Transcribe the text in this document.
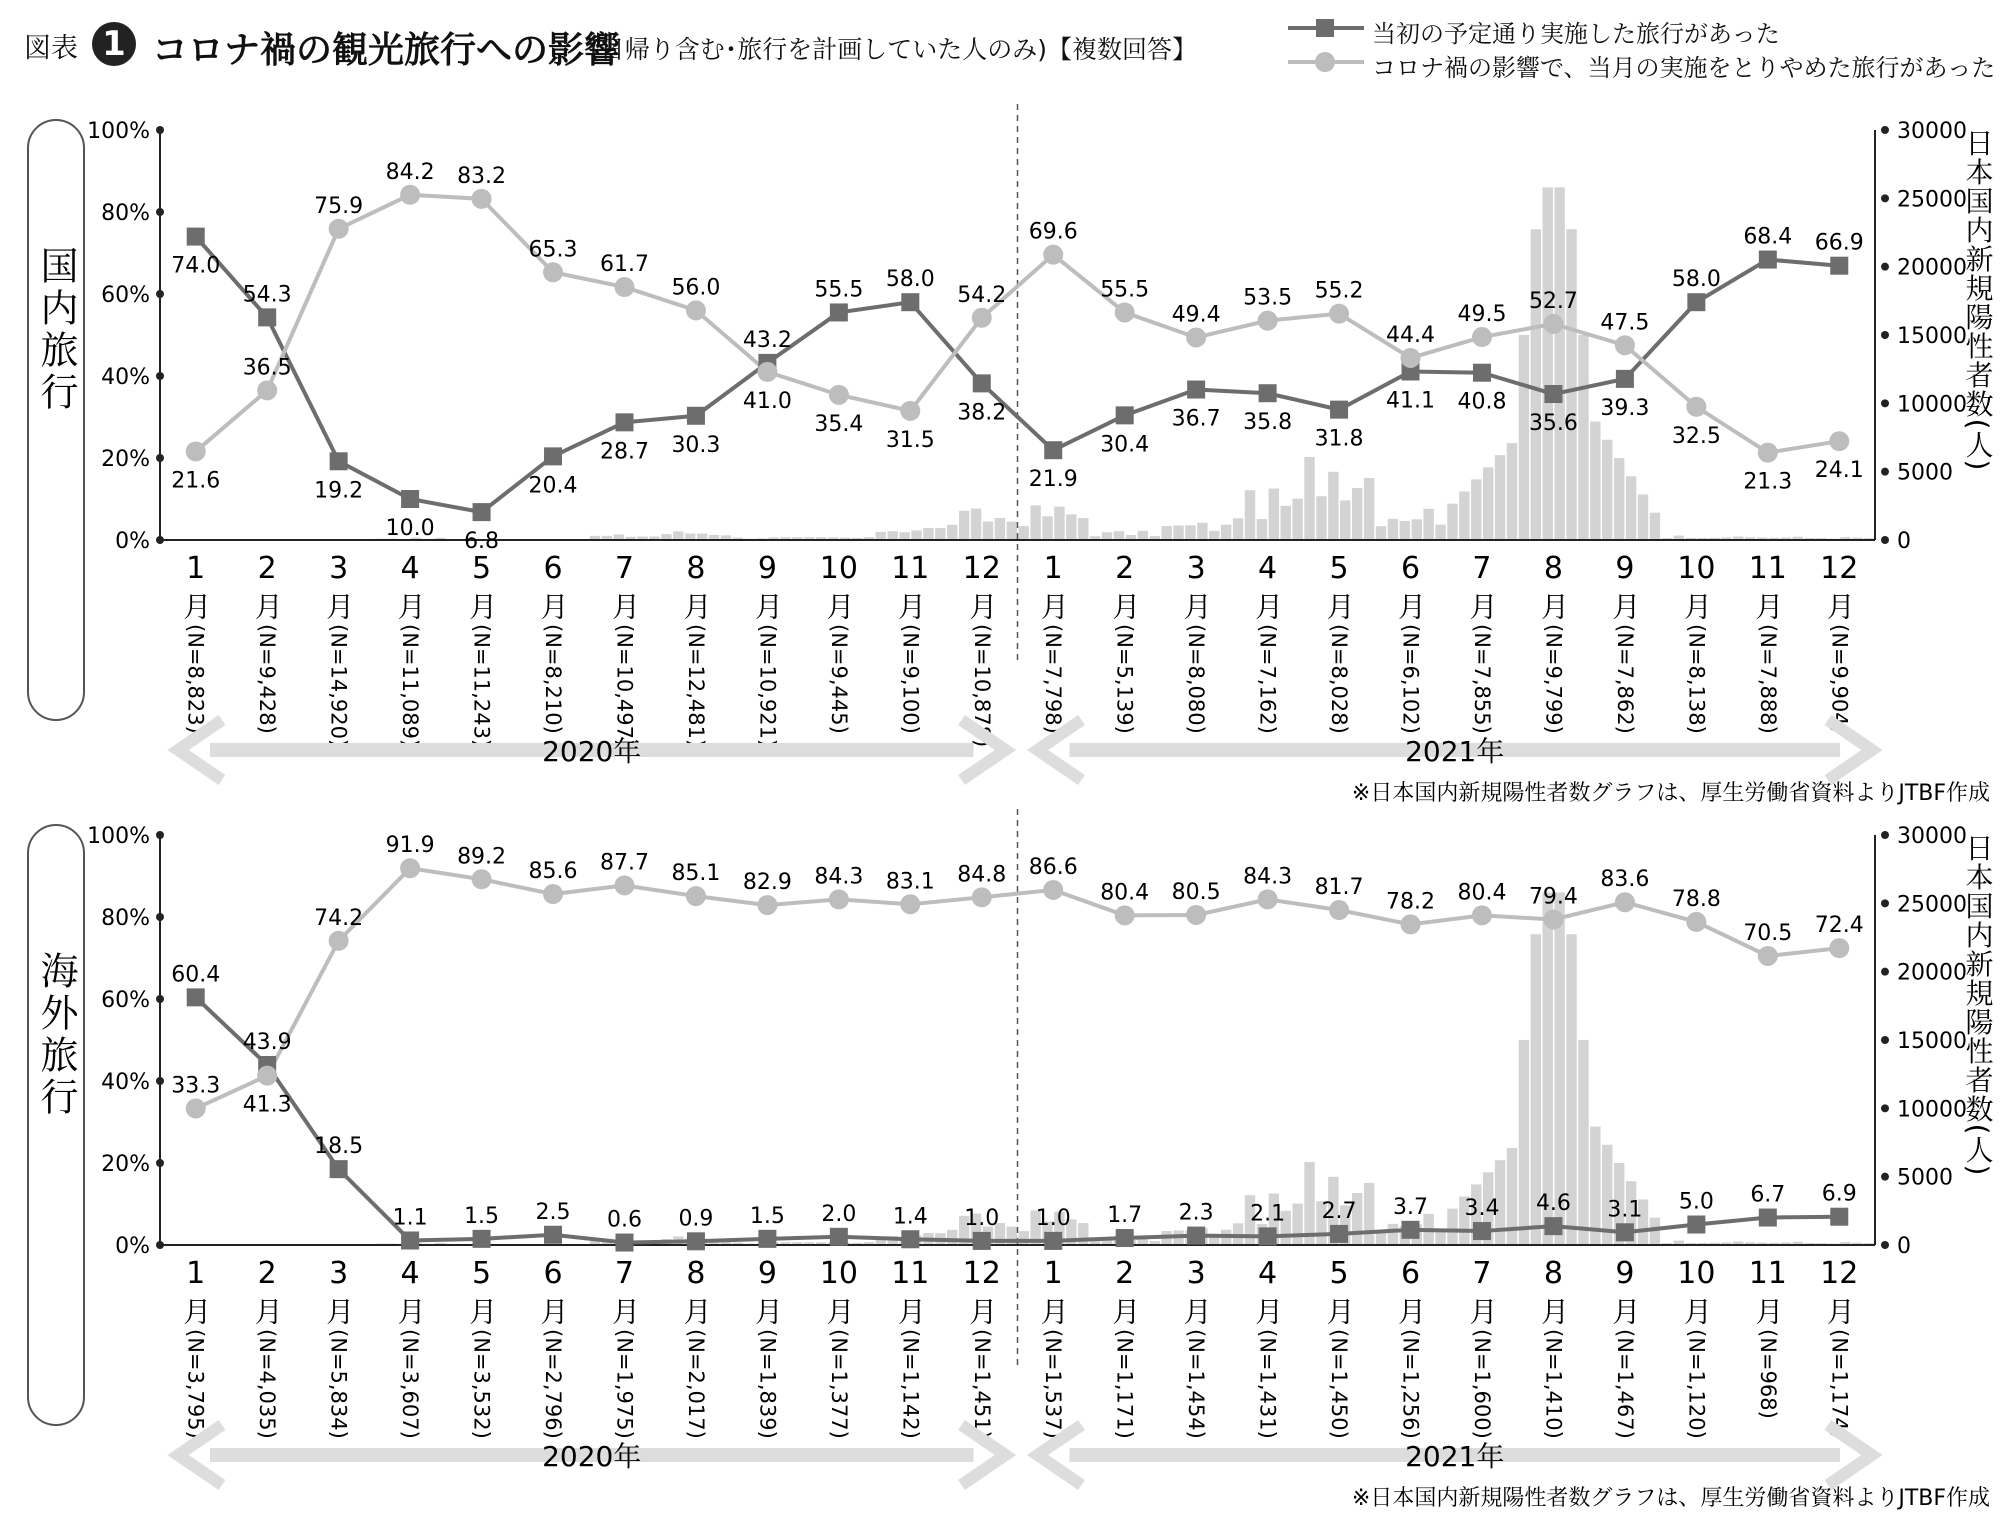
図表 1 コロナ禍の観光旅行への影響
(日帰り含む･旅行を計画していた人のみ)【複数回答】
当初の予定通り実施した旅行があった
コロナ禍の影響で、当月の実施をとりやめた旅行があった
国内旅行
0%
20%
40%
60%
80%
100%
0
5000
10000
15000
20000
25000
30000
日本国内新規陽性者数(人)
1
月
(N=8,823)
2
月
(N=9,428)
3
月
(N=14,920)
4
月
(N=11,089)
5
月
(N=11,243)
6
月
(N=8,210)
7
月
(N=10,497)
8
月
(N=12,481)
9
月
(N=10,921)
10
月
(N=9,445)
11
月
(N=9,100)
12
月
(N=10,878)
1
月
(N=7,798)
2
月
(N=5,139)
3
月
(N=8,080)
4
月
(N=7,162)
5
月
(N=8,028)
6
月
(N=6,102)
7
月
(N=7,855)
8
月
(N=9,799)
9
月
(N=7,862)
10
月
(N=8,138)
11
月
(N=7,888)
12
月
(N=9,904)
2020年	2021年
※日本国内新規陽性者数グラフは、厚生労働省資料よりJTBF作成
74.0
54.3
19.2
10.0
6.8
20.4
28.7 30.3
43.2
55.5 58.0
38.2
21.9
30.4
36.7 35.8
31.8
41.1 40.8
35.6
39.3
58.0
68.4 66.9
21.6
36.5
75.9
84.2 83.2
65.3
61.7
56.0
41.0
35.4
31.5
54.2
69.6
55.5
49.4
53.5 55.2
44.4
49.5
52.7
47.5
32.5
21.3 24.1
海外旅行
0%
20%
40%
60%
80%
100%
0
5000
10000
15000
20000
25000
30000
日本国内新規陽性者数(人)
1
月
(N=3,795)
2
月
(N=4,035)
3
月
(N=5,834)
4
月
(N=3,607)
5
月
(N=3,532)
6
月
(N=2,796)
7
月
(N=1,975)
8
月
(N=2,017)
9
月
(N=1,839)
10
月
(N=1,377)
11
月
(N=1,142)
12
月
(N=1,451)
1
月
(N=1,537)
2
月
(N=1,171)
3
月
(N=1,454)
4
月
(N=1,431)
5
月
(N=1,450)
6
月
(N=1,256)
7
月
(N=1,600)
8
月
(N=1,410)
9
月
(N=1,467)
10
月
(N=1,120)
11
月
(N=968)
12
月
(N=1,174)
2020年	2021年
※日本国内新規陽性者数グラフは、厚生労働省資料よりJTBF作成
60.4
43.9
18.5
1.1 1.5 2.5 0.6 0.9 1.5 2.0 1.4 1.0 1.0 1.7 2.3 2.1 2.7 3.7 3.4 4.6 3.1 5.0 6.7 6.9
33.3
41.3
74.2
91.9 89.2
85.6 87.7 85.1 82.9 84.3 83.1 84.8 86.6
80.4 80.5
84.3 81.7
78.2 80.4 79.4
83.6
78.8
70.5 72.4
